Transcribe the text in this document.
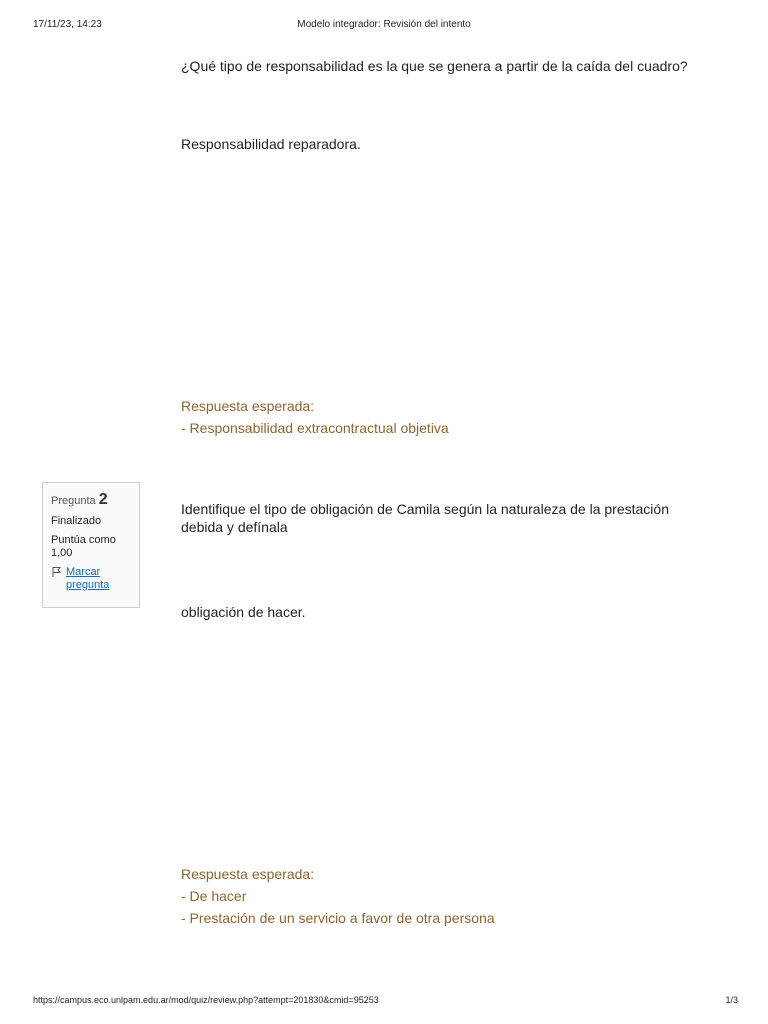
17/11/23, 14:23	Modelo integrador: Revisión del intento
¿Qué tipo de responsabilidad es la que se genera a partir de la caída del cuadro?
Responsabilidad reparadora.
Respuesta esperada:
- Responsabilidad extracontractual objetiva
Pregunta 2
Finalizado
Puntúa como 1,00
Marcar pregunta
Identifique el tipo de obligación de Camila según la naturaleza de la prestación debida y defínala
obligación de hacer.
Respuesta esperada:
- De hacer
- Prestación de un servicio a favor de otra persona
https://campus.eco.unlpam.edu.ar/mod/quiz/review.php?attempt=201830&cmid=95253	1/3
